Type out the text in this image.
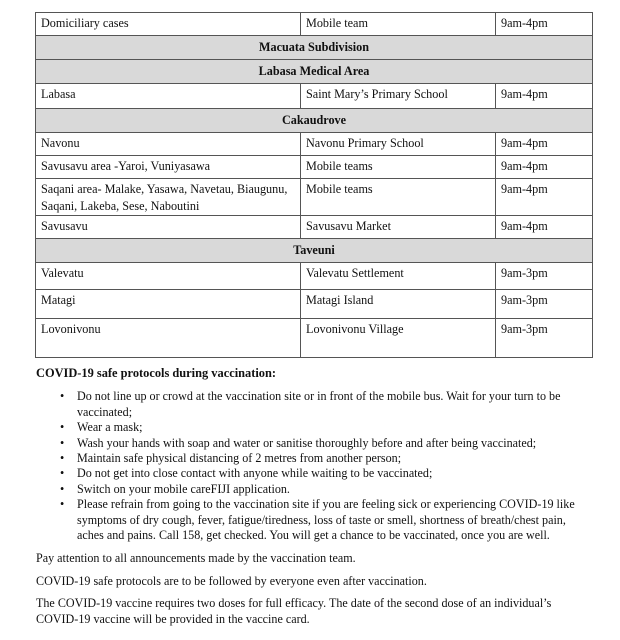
Domiciliary cases	Mobile team	9am-4pm
Macuata Subdivision		
Labasa Medical Area		
Labasa	Saint Mary’s Primary School	9am-4pm
Cakaudrove		
Navonu	Navonu Primary School	9am-4pm
Savusavu area -Yaroi, Vuniyasawa	Mobile teams	9am-4pm
Saqani area- Malake, Yasawa, Navetau, Biaugunu, Saqani, Lakeba, Sese, Naboutini	Mobile teams	9am-4pm
Savusavu	Savusavu Market	9am-4pm
Taveuni		
Valevatu	Valevatu Settlement	9am-3pm
Matagi	Matagi Island	9am-3pm
Lovonivonu	Lovonivonu Village	9am-3pm
COVID-19 safe protocols during vaccination:
• Do not line up or crowd at the vaccination site or in front of the mobile bus. Wait for your turn to be vaccinated;
• Wear a mask;
• Wash your hands with soap and water or sanitise thoroughly before and after being vaccinated;
• Maintain safe physical distancing of 2 metres from another person;
• Do not get into close contact with anyone while waiting to be vaccinated;
• Switch on your mobile careFIJI application.
• Please refrain from going to the vaccination site if you are feeling sick or experiencing COVID-19 like symptoms of dry cough, fever, fatigue/tiredness, loss of taste or smell, shortness of breath/chest pain, aches and pains. Call 158, get checked. You will get a chance to be vaccinated, once you are well.

Pay attention to all announcements made by the vaccination team.

COVID-19 safe protocols are to be followed by everyone even after vaccination.

The COVID-19 vaccine requires two doses for full efficacy. The date of the second dose of an individual’s COVID-19 vaccine will be provided in the vaccine card.
